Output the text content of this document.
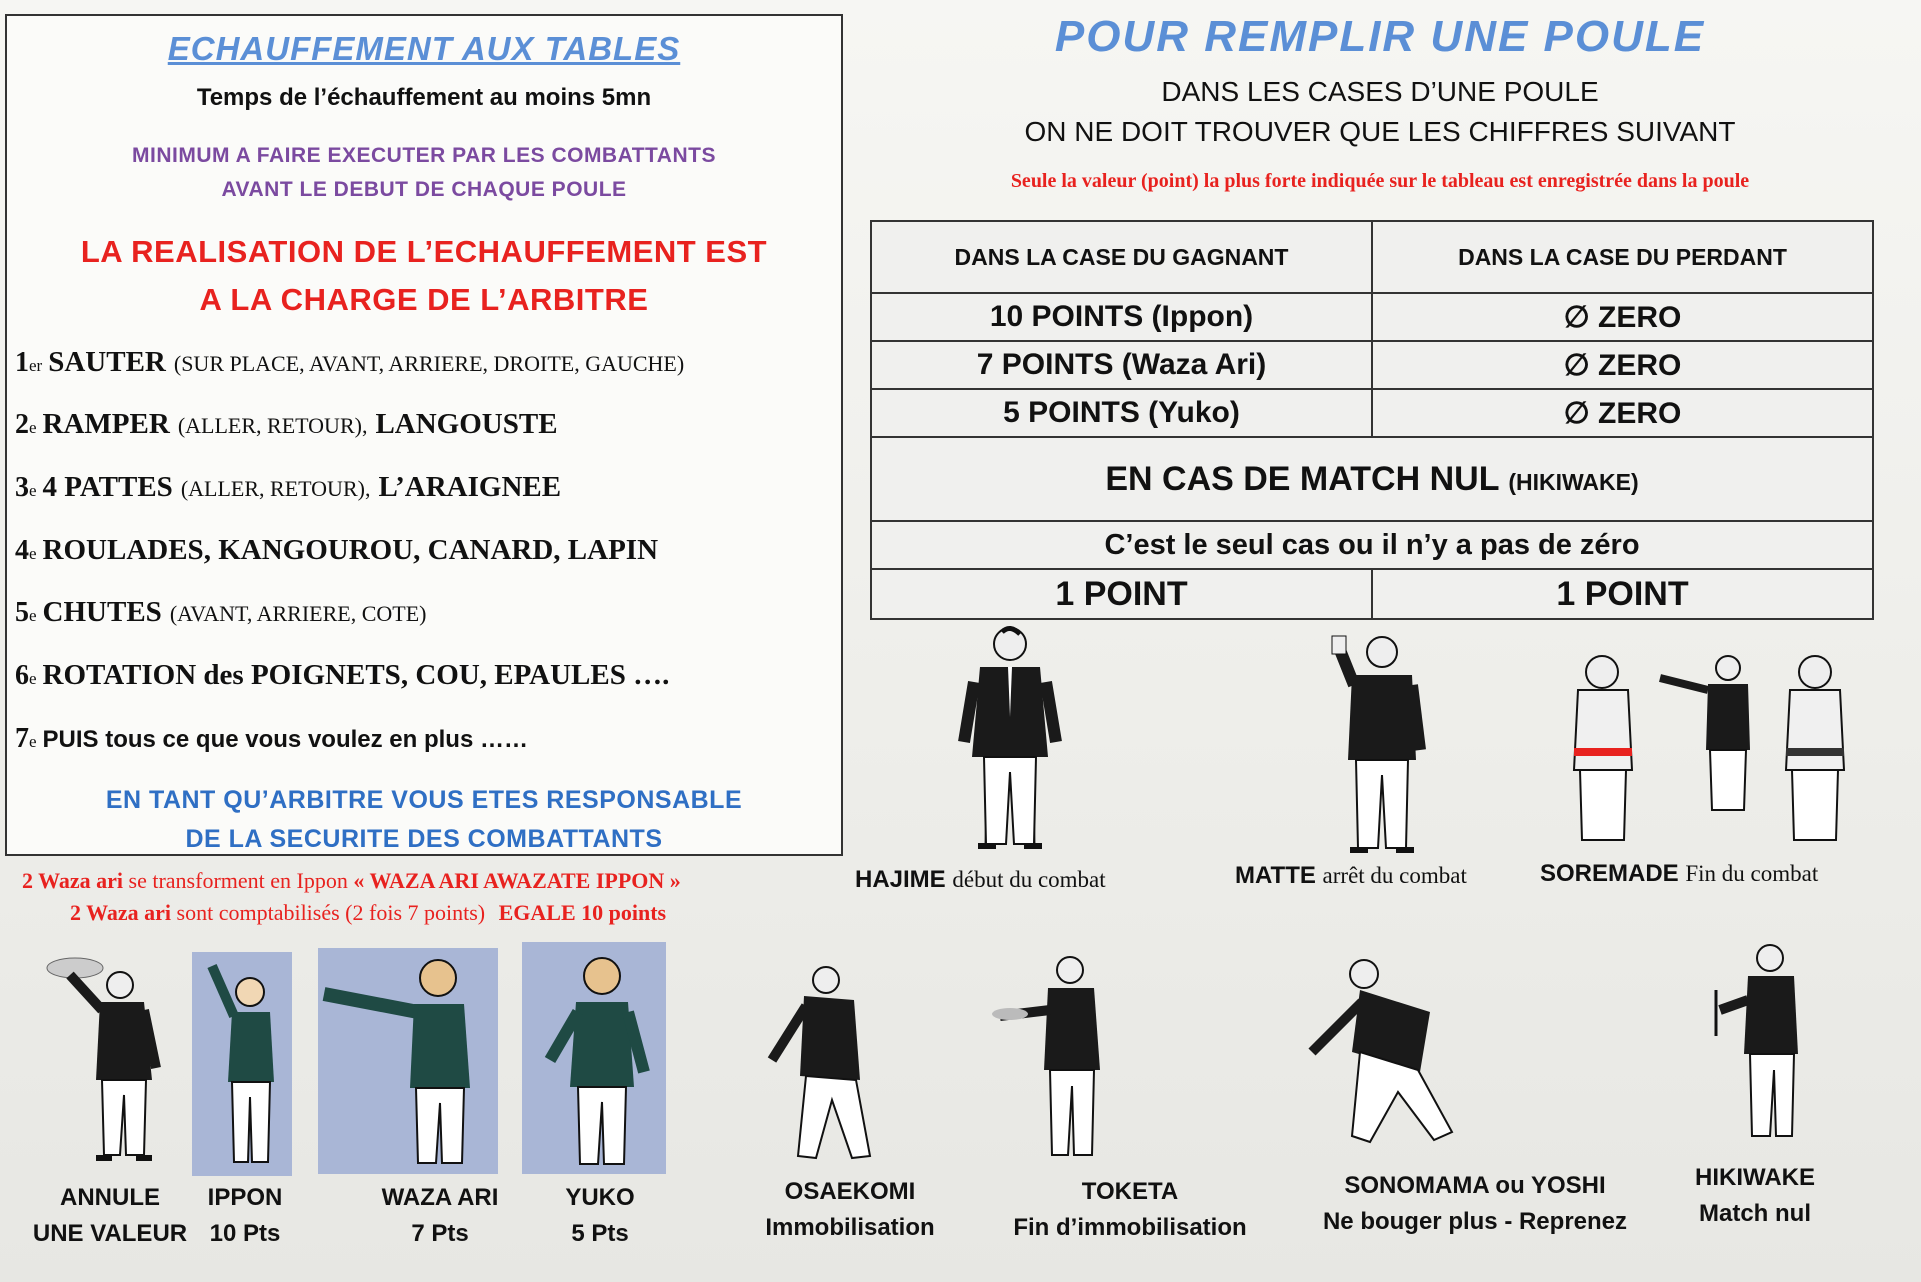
ECHAUFFEMENT AUX TABLES
Temps de l’échauffement au moins 5mn
MINIMUM A FAIRE EXECUTER PAR LES COMBATTANTS
AVANT LE DEBUT DE CHAQUE POULE
LA REALISATION DE L’ECHAUFFEMENT EST
A LA CHARGE DE L’ARBITRE
1er SAUTER (SUR PLACE, AVANT, ARRIERE, DROITE, GAUCHE)
2e RAMPER (ALLER, RETOUR), LANGOUSTE
3e 4 PATTES (ALLER, RETOUR), L’ARAIGNEE
4e ROULADES, KANGOUROU, CANARD, LAPIN
5e CHUTES (AVANT, ARRIERE, COTE)
6e ROTATION des POIGNETS, COU, EPAULES ….
7e PUIS tous ce que vous voulez en plus ……
EN TANT QU’ARBITRE VOUS ETES RESPONSABLE
DE LA SECURITE DES COMBATTANTS
2 Waza ari se transforment en Ippon « WAZA ARI AWAZATE IPPON »
2 Waza ari sont comptabilisés (2 fois 7 points) EGALE 10 points
POUR REMPLIR UNE POULE
DANS LES CASES D’UNE POULE
ON NE DOIT TROUVER QUE LES CHIFFRES SUIVANT
Seule la valeur (point) la plus forte indiquée sur le tableau est enregistrée dans la poule
DANS LA CASE DU GAGNANT	DANS LA CASE DU PERDANT
10 POINTS (Ippon)	∅ ZERO
7 POINTS (Waza Ari)	∅ ZERO
5 POINTS (Yuko)	∅ ZERO
EN CAS DE MATCH NUL (HIKIWAKE)	
C’est le seul cas ou il n’y a pas de zéro	
1 POINT	1 POINT
HAJIME début du combat	MATTE arrêt du combat	SOREMADE Fin du combat
ANNULE
UNE VALEUR
IPPON
10 Pts
WAZA ARI
7 Pts
YUKO
5 Pts
OSAEKOMI
Immobilisation
TOKETA
Fin d’immobilisation
SONOMAMA ou YOSHI
Ne bouger plus - Reprenez
HIKIWAKE
Match nul
